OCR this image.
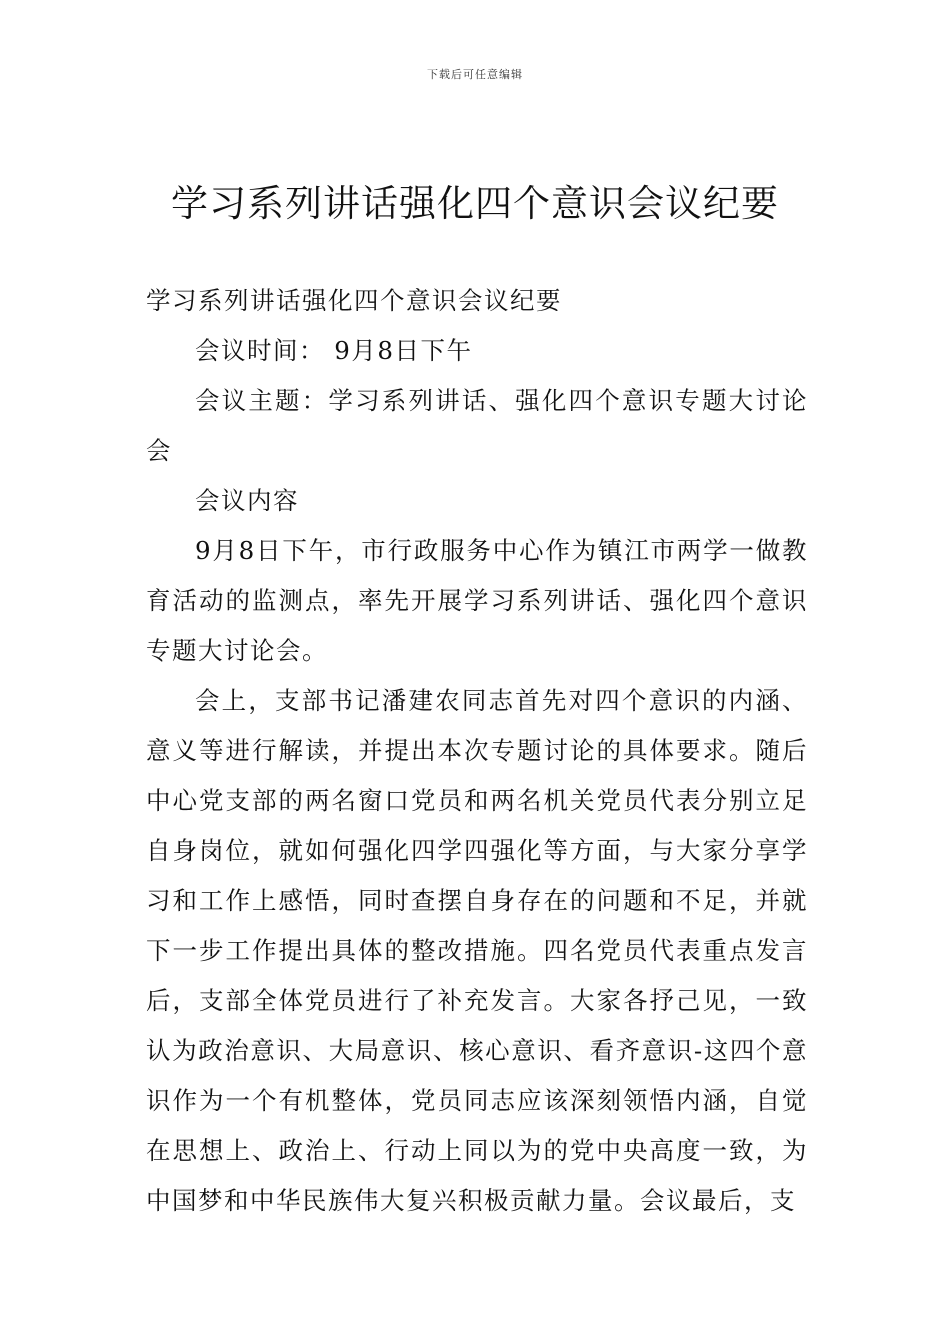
下载后可任意编辑
学习系列讲话强化四个意识会议纪要

学习系列讲话强化四个意识会议纪要

会议时间： 9月8日下午

会议主题：学习系列讲话、强化四个意识专题大讨论会

会议内容

9月8日下午，市行政服务中心作为镇江市两学一做教育活动的监测点，率先开展学习系列讲话、强化四个意识专题大讨论会。

会上，支部书记潘建农同志首先对四个意识的内涵、意义等进行解读，并提出本次专题讨论的具体要求。随后中心党支部的两名窗口党员和两名机关党员代表分别立足自身岗位，就如何强化四学四强化等方面，与大家分享学习和工作上感悟，同时查摆自身存在的问题和不足，并就下一步工作提出具体的整改措施。四名党员代表重点发言后，支部全体党员进行了补充发言。大家各抒己见，一致认为政治意识、大局意识、核心意识、看齐意识-这四个意识作为一个有机整体，党员同志应该深刻领悟内涵，自觉在思想上、政治上、行动上同以为的党中央高度一致，为中国梦和中华民族伟大复兴积极贡献力量。会议最后，支
